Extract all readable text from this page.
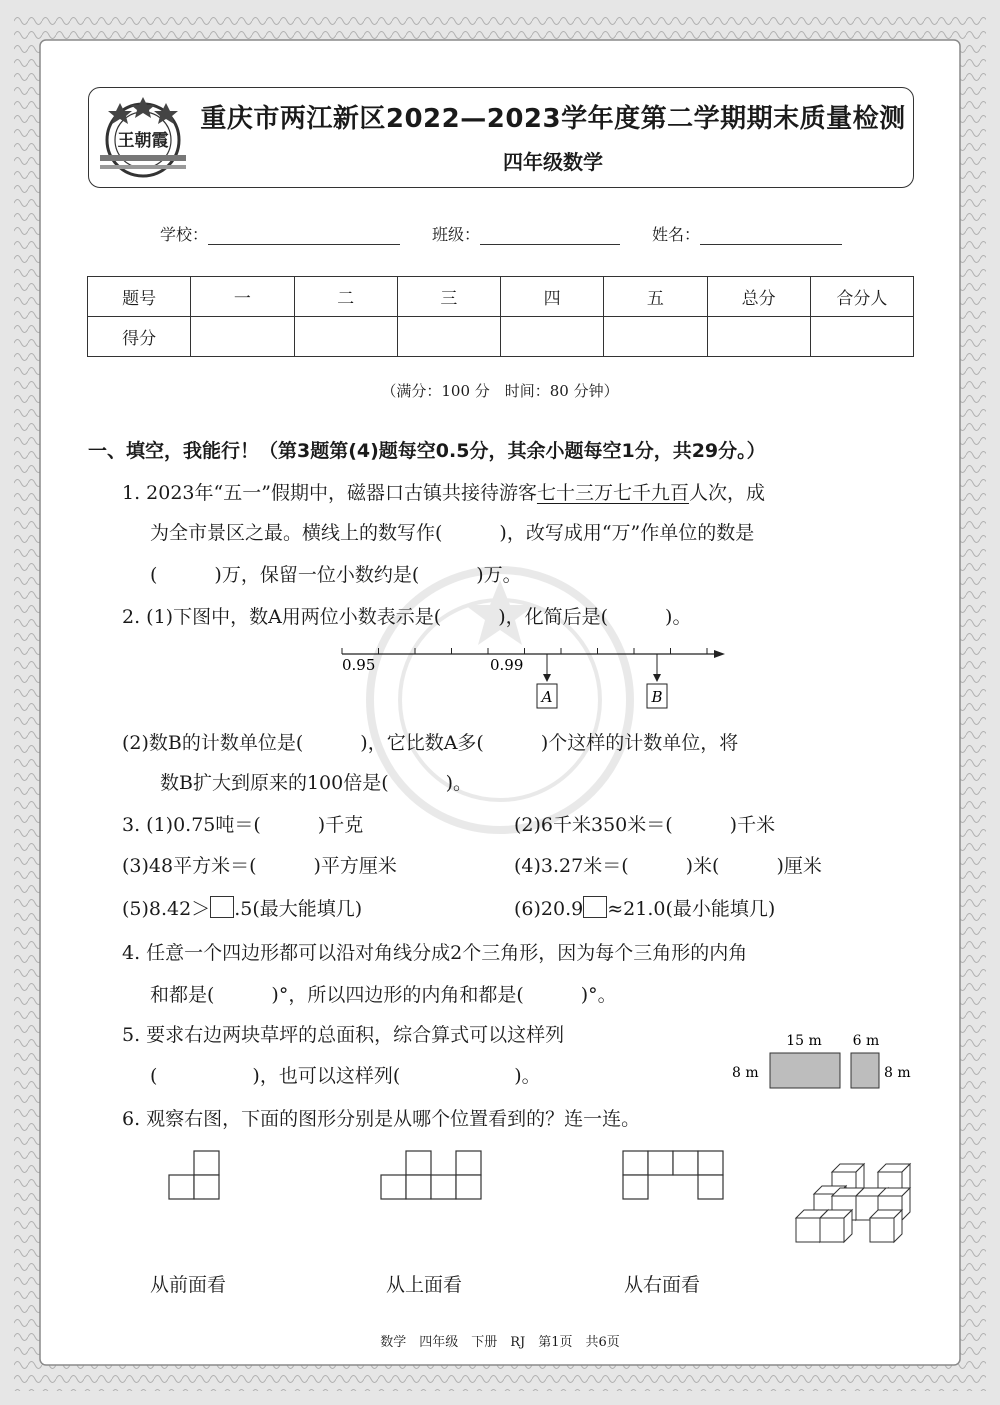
王朝霞
重庆市两江新区2022—2023学年度第二学期期末质量检测
四年级数学
学校：	班级：	姓名：
题号	一	二	三	四	五	总分	合分人
得分							
（满分：100 分　时间：80 分钟）
一、填空，我能行！（第3题第(4)题每空0.5分，其余小题每空1分，共29分。）
1. 2023年“五一”假期中，磁器口古镇共接待游客七十三万七千九百人次，成
为全市景区之最。横线上的数写作(　　　)，改写成用“万”作单位的数是
(　　　)万，保留一位小数约是(　　　)万。
2. (1)下图中，数A用两位小数表示是(　　　)，化简后是(　　　)。
0.95	0.99
A	B
(2)数B的计数单位是(　　　)，它比数A多(　　　)个这样的计数单位，将
数B扩大到原来的100倍是(　　　)。
3. (1)0.75吨＝(　　　)千克	(2)6千米350米＝(　　　)千米
(3)48平方米＝(　　　)平方厘米	(4)3.27米＝(　　　)米(　　　)厘米
(5)8.42＞ .5(最大能填几)	(6)20.9 ≈21.0(最小能填几)
4. 任意一个四边形都可以沿对角线分成2个三角形，因为每个三角形的内角
和都是(　　　)°，所以四边形的内角和都是(　　　)°。
5. 要求右边两块草坪的总面积，综合算式可以这样列
(　　　　　)，也可以这样列(　　　　　　)。
15 m 6 m
8 m	8 m
6. 观察右图，下面的图形分别是从哪个位置看到的？连一连。
从前面看	从上面看	从右面看
数学　四年级　下册　RJ　第1页　共6页
